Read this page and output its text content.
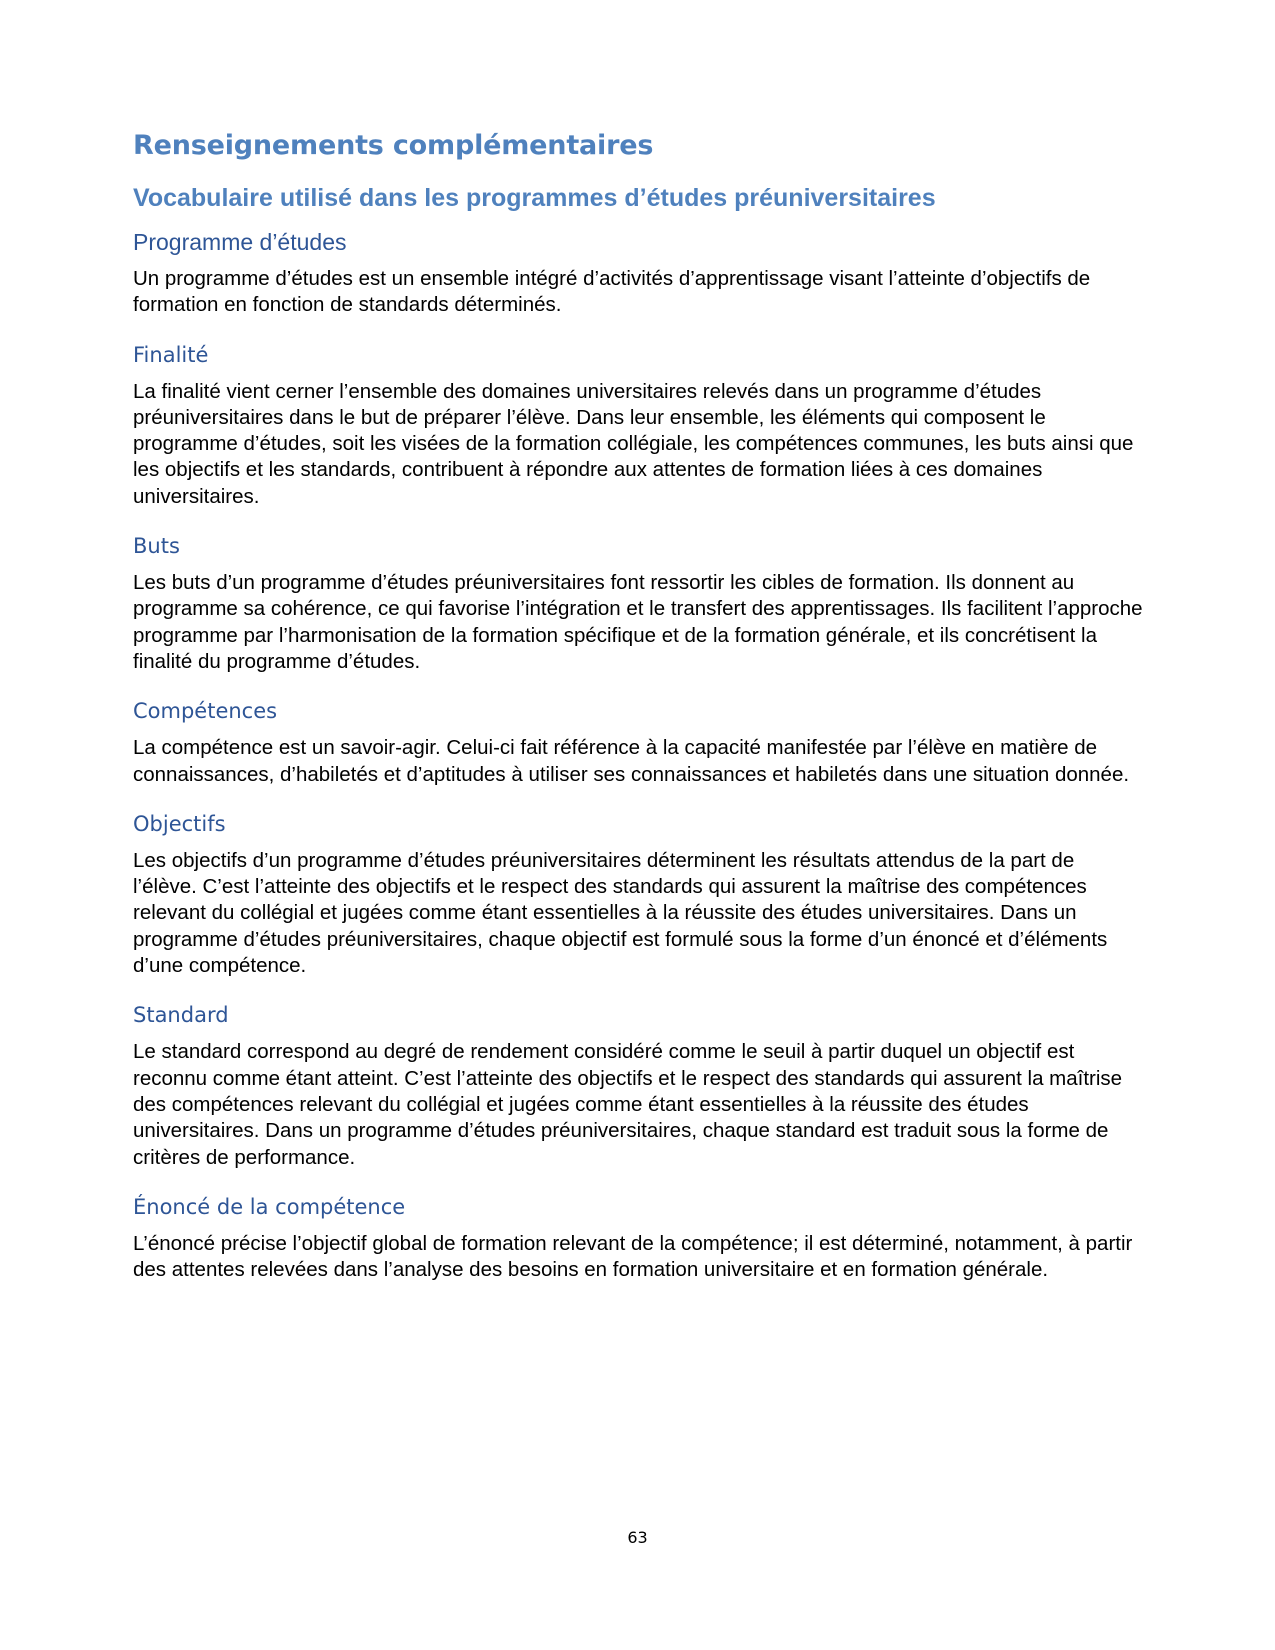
Renseignements complémentaires
Vocabulaire utilisé dans les programmes d’études préuniversitaires
Programme d’études

Un programme d’études est un ensemble intégré d’activités d’apprentissage visant l’atteinte d’objectifs de formation en fonction de standards déterminés.

Finalité

La finalité vient cerner l’ensemble des domaines universitaires relevés dans un programme d’études préuniversitaires dans le but de préparer l’élève. Dans leur ensemble, les éléments qui composent le programme d’études, soit les visées de la formation collégiale, les compétences communes, les buts ainsi que les objectifs et les standards, contribuent à répondre aux attentes de formation liées à ces domaines universitaires.

Buts

Les buts d’un programme d’études préuniversitaires font ressortir les cibles de formation. Ils donnent au programme sa cohérence, ce qui favorise l’intégration et le transfert des apprentissages. Ils facilitent l’approche programme par l’harmonisation de la formation spécifique et de la formation générale, et ils concrétisent la finalité du programme d’études.

Compétences

La compétence est un savoir-agir. Celui-ci fait référence à la capacité manifestée par l’élève en matière de connaissances, d’habiletés et d’aptitudes à utiliser ses connaissances et habiletés dans une situation donnée.

Objectifs

Les objectifs d’un programme d’études préuniversitaires déterminent les résultats attendus de la part de l’élève. C’est l’atteinte des objectifs et le respect des standards qui assurent la maîtrise des compétences relevant du collégial et jugées comme étant essentielles à la réussite des études universitaires. Dans un programme d’études préuniversitaires, chaque objectif est formulé sous la forme d’un énoncé et d’éléments d’une compétence.

Standard

Le standard correspond au degré de rendement considéré comme le seuil à partir duquel un objectif est reconnu comme étant atteint. C’est l’atteinte des objectifs et le respect des standards qui assurent la maîtrise des compétences relevant du collégial et jugées comme étant essentielles à la réussite des études universitaires. Dans un programme d’études préuniversitaires, chaque standard est traduit sous la forme de critères de performance.

Énoncé de la compétence

L’énoncé précise l’objectif global de formation relevant de la compétence; il est déterminé, notamment, à partir des attentes relevées dans l’analyse des besoins en formation universitaire et en formation générale.

63
